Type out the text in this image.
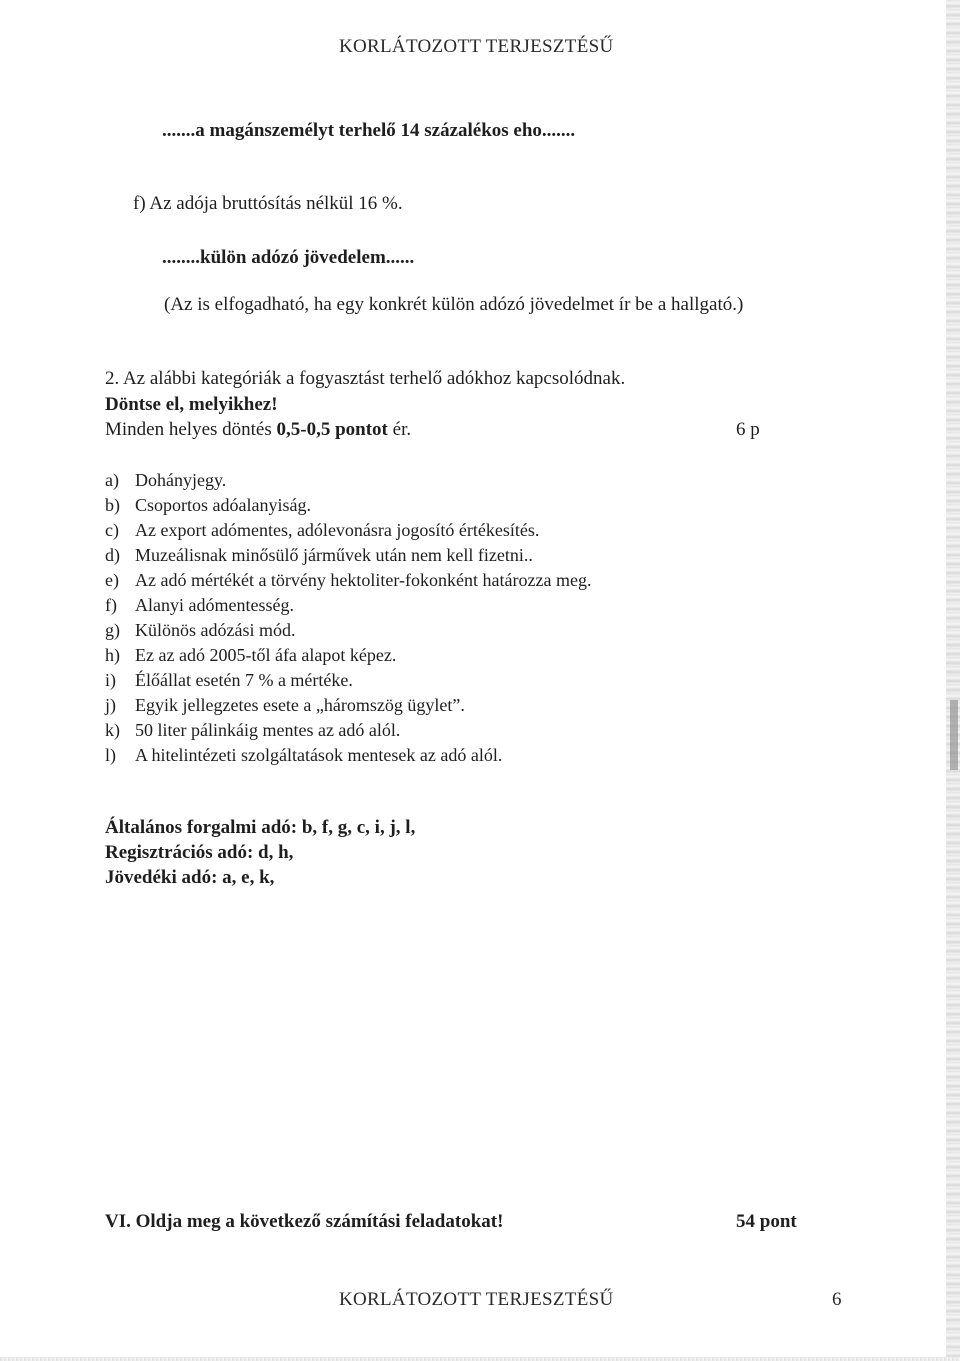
KORLÁTOZOTT TERJESZTÉSŰ
.......a magánszemélyt terhelő 14 százalékos eho.......
f) Az adója bruttósítás nélkül 16 %.
........külön adózó jövedelem......
(Az is elfogadható, ha egy konkrét külön adózó jövedelmet ír be a hallgató.)
2. Az alábbi kategóriák a fogyasztást terhelő adókhoz kapcsolódnak.
Döntse el, melyikhez!
Minden helyes döntés 0,5-0,5 pontot ér.	6 p
a) Dohányjegy.
b) Csoportos adóalanyiság.
c) Az export adómentes, adólevonásra jogosító értékesítés.
d) Muzeálisnak minősülő járművek után nem kell fizetni..
e) Az adó mértékét a törvény hektoliter-fokonként határozza meg.
f) Alanyi adómentesség.
g) Különös adózási mód.
h) Ez az adó 2005-től áfa alapot képez.
i) Élőállat esetén 7 % a mértéke.
j) Egyik jellegzetes esete a „háromszög ügylet”.
k) 50 liter pálinkáig mentes az adó alól.
l) A hitelintézeti szolgáltatások mentesek az adó alól.
Általános forgalmi adó: b, f, g, c, i, j, l,
Regisztrációs adó: d, h,
Jövedéki adó: a, e, k,
VI. Oldja meg a következő számítási feladatokat!	54 pont
KORLÁTOZOTT TERJESZTÉSŰ	6
